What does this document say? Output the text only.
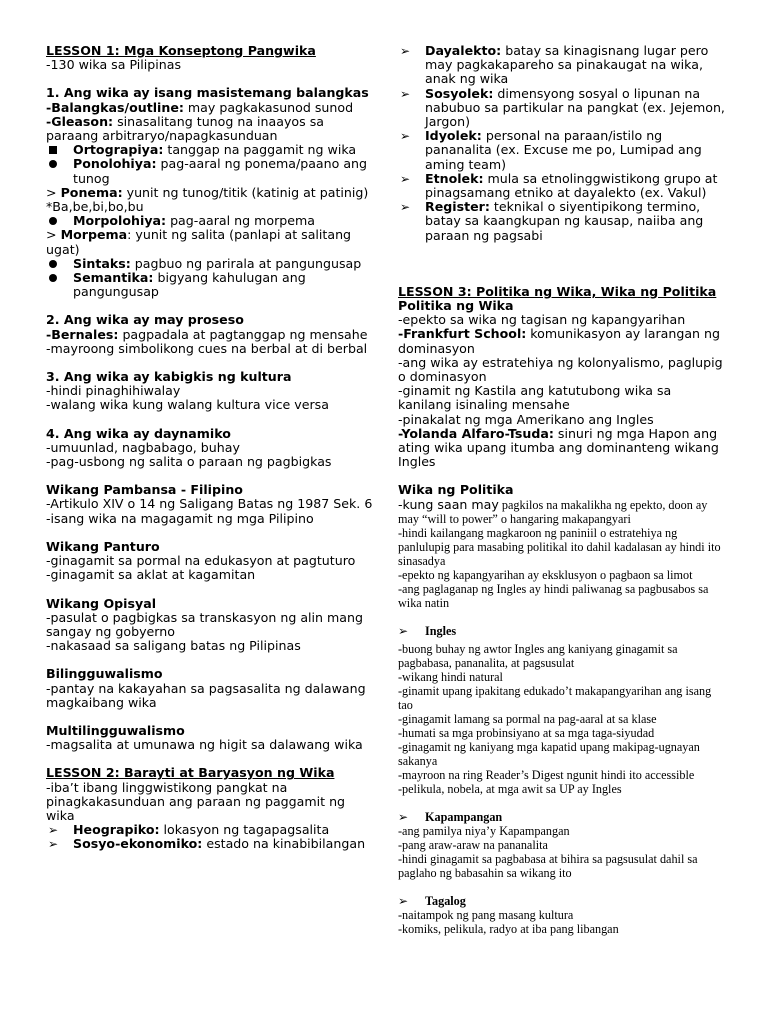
LESSON 1: Mga Konseptong Pangwika

-130 wika sa Pilipinas

1. Ang wika ay isang masistemang balangkas

-Balangkas/outline: may pagkakasunod sunod

-Gleason: sinasalitang tunog na inaayos sa paraang arbitraryo/napagkasunduan

Ortograpiya: tanggap na paggamit ng wika

Ponolohiya: pag-aaral ng ponema/paano ang tunog

> Ponema: yunit ng tunog/titik (katinig at patinig)

*Ba,be,bi,bo,bu

Morpolohiya: pag-aaral ng morpema

> Morpema: yunit ng salita (panlapi at salitang ugat)

Sintaks: pagbuo ng parirala at pangungusap

Semantika: bigyang kahulugan ang pangungusap

2. Ang wika ay may proseso

-Bernales: pagpadala at pagtanggap ng mensahe

-mayroong simbolikong cues na berbal at di berbal

3. Ang wika ay kabigkis ng kultura

-hindi pinaghihiwalay

-walang wika kung walang kultura vice versa

4. Ang wika ay daynamiko

-umuunlad, nagbabago, buhay

-pag-usbong ng salita o paraan ng pagbigkas

Wikang Pambansa - Filipino

-Artikulo XIV o 14 ng Saligang Batas ng 1987 Sek. 6

-isang wika na magagamit ng mga Pilipino

Wikang Panturo

-ginagamit sa pormal na edukasyon at pagtuturo

-ginagamit sa aklat at kagamitan

Wikang Opisyal

-pasulat o pagbigkas sa transkasyon ng alin mang sangay ng gobyerno

-nakasaad sa saligang batas ng Pilipinas

Bilingguwalismo

-pantay na kakayahan sa pagsasalita ng dalawang magkaibang wika

Multilingguwalismo

-magsalita at umunawa ng higit sa dalawang wika

LESSON 2: Barayti at Baryasyon ng Wika

-iba’t ibang linggwistikong pangkat na pinagkakasunduan ang paraan ng paggamit ng wika

➢ Heograpiko: lokasyon ng tagapagsalita

➢ Sosyo-ekonomiko: estado na kinabibilangan

➢ Dayalekto: batay sa kinagisnang lugar pero may pagkakapareho sa pinakaugat na wika, anak ng wika

➢ Sosyolek: dimensyong sosyal o lipunan na nabubuo sa partikular na pangkat (ex. Jejemon, Jargon)

➢ Idyolek: personal na paraan/istilo ng pananalita (ex. Excuse me po, Lumipad ang aming team)

➢ Etnolek: mula sa etnolinggwistikong grupo at pinagsamang etniko at dayalekto (ex. Vakul)

➢ Register: teknikal o siyentipikong termino, batay sa kaangkupan ng kausap, naiiba ang paraan ng pagsabi

LESSON 3: Politika ng Wika, Wika ng Politika

Politika ng Wika

-epekto sa wika ng tagisan ng kapangyarihan

-Frankfurt School: komunikasyon ay larangan ng dominasyon

-ang wika ay estratehiya ng kolonyalismo, paglupig o dominasyon

-ginamit ng Kastila ang katutubong wika sa kanilang isinaling mensahe

-pinakalat ng mga Amerikano ang Ingles

-Yolanda Alfaro-Tsuda: sinuri ng mga Hapon ang ating wika upang itumba ang dominanteng wikang Ingles

Wika ng Politika

-kung saan may pagkilos na makalikha ng epekto, doon ay may “will to power” o hangaring makapangyari

-hindi kailangang magkaroon ng paniniil o estratehiya ng panlulupig para masabing politikal ito dahil kadalasan ay hindi ito sinasadya

-epekto ng kapangyarihan ay eksklusyon o pagbaon sa limot

-ang paglaganap ng Ingles ay hindi paliwanag sa pagbusabos sa wika natin

➢ Ingles

-buong buhay ng awtor Ingles ang kaniyang ginagamit sa pagbabasa, pananalita, at pagsusulat

-wikang hindi natural

-ginamit upang ipakitang edukado’t makapangyarihan ang isang tao

-ginagamit lamang sa pormal na pag-aaral at sa klase

-humati sa mga probinsiyano at sa mga taga-siyudad

-ginagamit ng kaniyang mga kapatid upang makipag-ugnayan sakanya

-mayroon na ring Reader’s Digest ngunit hindi ito accessible

-pelikula, nobela, at mga awit sa UP ay Ingles

➢ Kapampangan

-ang pamilya niya’y Kapampangan

-pang araw-araw na pananalita

-hindi ginagamit sa pagbabasa at bihira sa pagsusulat dahil sa paglaho ng babasahin sa wikang ito

➢ Tagalog

-naitampok ng pang masang kultura

-komiks, pelikula, radyo at iba pang libangan
